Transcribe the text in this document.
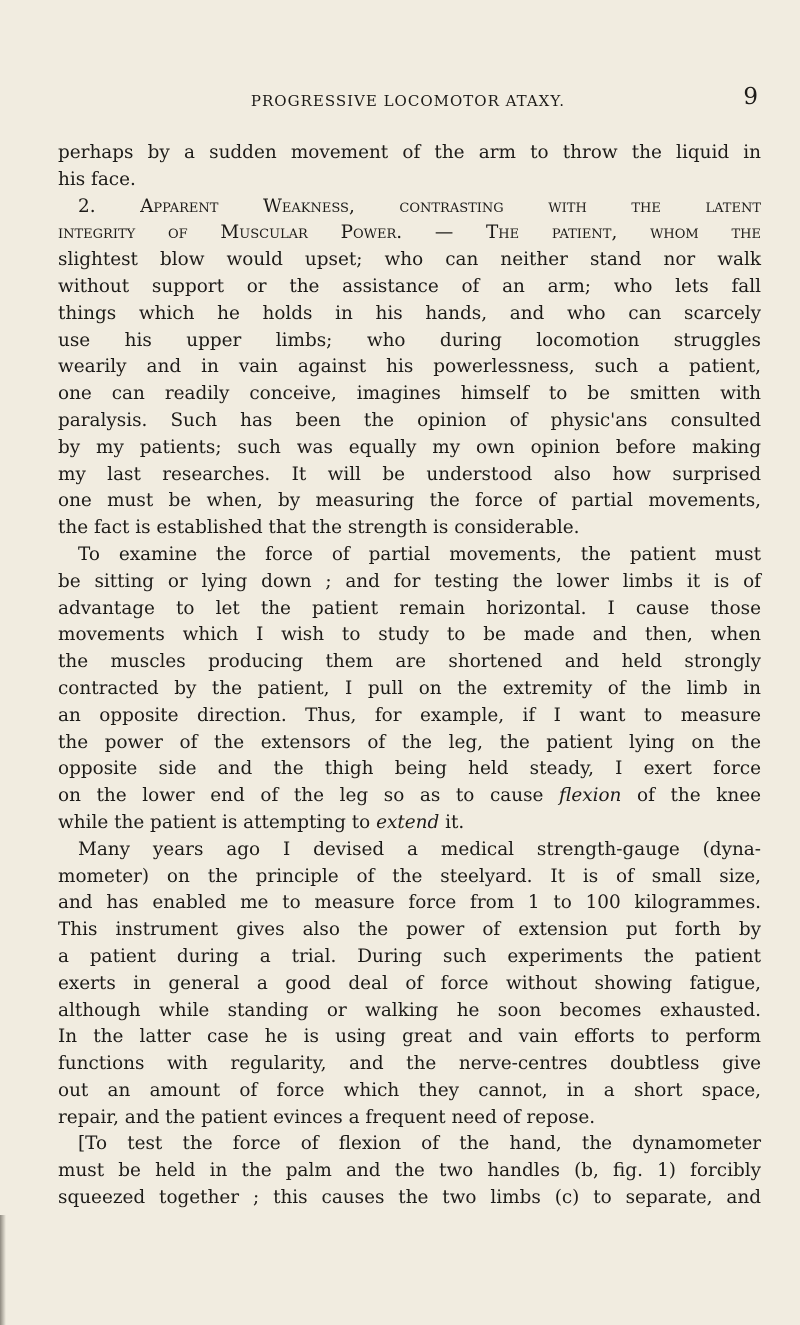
PROGRESSIVE LOCOMOTOR ATAXY.	9
perhaps by a sudden movement of the arm to throw the liquid in
his face.
2. Apparent Weakness, contrasting with the latent
integrity of Muscular Power. — The patient, whom the
slightest blow would upset; who can neither stand nor walk
without support or the assistance of an arm; who lets fall
things which he holds in his hands, and who can scarcely
use his upper limbs; who during locomotion struggles
wearily and in vain against his powerlessness, such a patient,
one can readily conceive, imagines himself to be smitten with
paralysis. Such has been the opinion of physic'ans consulted
by my patients; such was equally my own opinion before making
my last researches. It will be understood also how surprised
one must be when, by measuring the force of partial movements,
the fact is established that the strength is considerable.
To examine the force of partial movements, the patient must
be sitting or lying down ; and for testing the lower limbs it is of
advantage to let the patient remain horizontal. I cause those
movements which I wish to study to be made and then, when
the muscles producing them are shortened and held strongly
contracted by the patient, I pull on the extremity of the limb in
an opposite direction. Thus, for example, if I want to measure
the power of the extensors of the leg, the patient lying on the
opposite side and the thigh being held steady, I exert force
on the lower end of the leg so as to cause flexion of the knee
while the patient is attempting to extend it.
Many years ago I devised a medical strength-gauge (dyna-
mometer) on the principle of the steelyard. It is of small size,
and has enabled me to measure force from 1 to 100 kilogrammes.
This instrument gives also the power of extension put forth by
a patient during a trial. During such experiments the patient
exerts in general a good deal of force without showing fatigue,
although while standing or walking he soon becomes exhausted.
In the latter case he is using great and vain efforts to perform
functions with regularity, and the nerve-centres doubtless give
out an amount of force which they cannot, in a short space,
repair, and the patient evinces a frequent need of repose.
[To test the force of flexion of the hand, the dynamometer
must be held in the palm and the two handles (b, fig. 1) forcibly
squeezed together ; this causes the two limbs (c) to separate, and
